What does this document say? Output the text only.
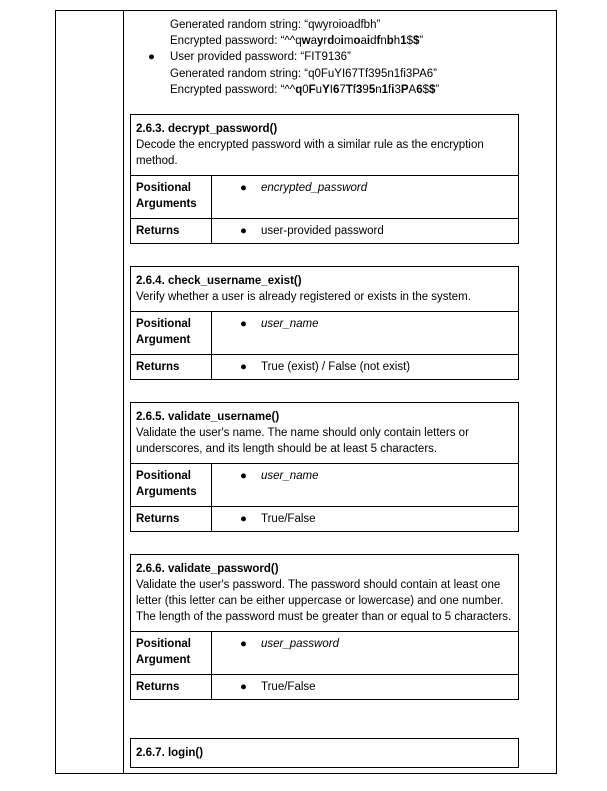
Generated random string: “qwyroioadfbh”
Encrypted password: “^^qwayrdoimoaidfnbh1$$”
● User provided password: “FIT9136”
Generated random string: “q0FuYI67Tf395n1fi3PA6”
Encrypted password: “^^q0FuYI67Tf395n1fi3PA6$$”
2.6.3. decrypt_password()
Decode the encrypted password with a similar rule as the encryption method.	

Positional Arguments	● encrypted_password
Returns	● user-provided password
2.6.4. check_username_exist()
Verify whether a user is already registered or exists in the system.	

Positional Argument	● user_name
Returns	● True (exist) / False (not exist)
2.6.5. validate_username()
Validate the user's name. The name should only contain letters or underscores, and its length should be at least 5 characters.	

Positional Arguments	● user_name
Returns	● True/False
2.6.6. validate_password()
Validate the user's password. The password should contain at least one letter (this letter can be either uppercase or lowercase) and one number. The length of the password must be greater than or equal to 5 characters.	

Positional Argument	● user_password
Returns	● True/False
2.6.7. login()
